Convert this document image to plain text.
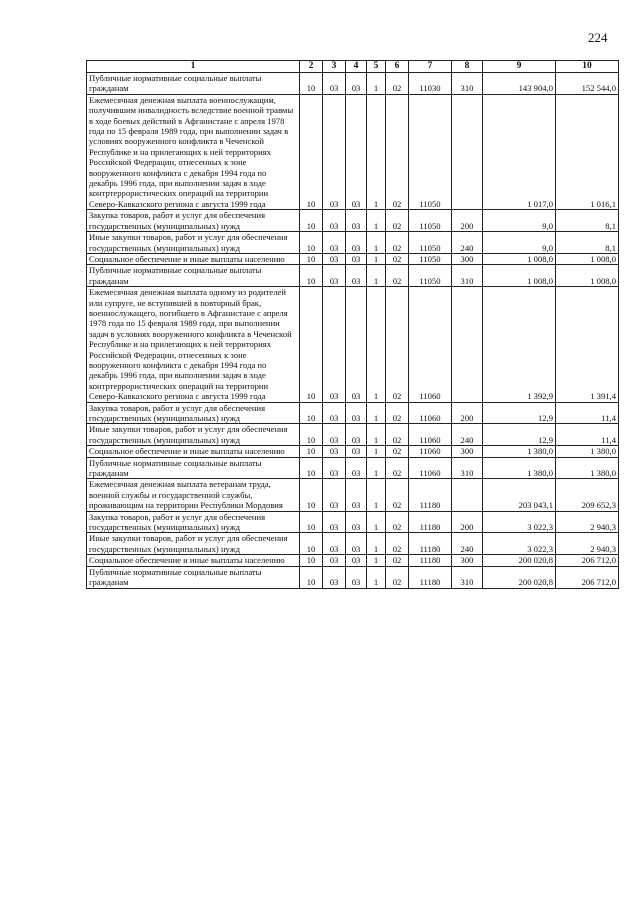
224
1	2	3	4	5	6	7	8	9	10
Публичные нормативные социальные выплаты гражданам	10	03	03	1	02	11030	310	143 904,0	152 544,0
Ежемесячная денежная выплата военнослужащим, получившим инвалидность вследствие военной травмы в ходе боевых действий в Афганистане с апреля 1978 года по 15 февраля 1989 года, при выполнении задач в условиях вооруженного конфликта в Чеченской Республике и на прилегающих к ней территориях Российской Федерации, отнесенных к зоне вооруженного конфликта с декабря 1994 года по декабрь 1996 года, при выполнении задач в ходе контртеррористических операций на территории Северо-Кавказского региона с августа 1999 года	10	03	03	1	02	11050		1 017,0	1 016,1
Закупка товаров, работ и услуг для обеспечения государственных (муниципальных) нужд	10	03	03	1	02	11050	200	9,0	8,1
Иные закупки товаров, работ и услуг для обеспечения государственных (муниципальных) нужд	10	03	03	1	02	11050	240	9,0	8,1
Социальное обеспечение и иные выплаты населению	10	03	03	1	02	11050	300	1 008,0	1 008,0
Публичные нормативные социальные выплаты гражданам	10	03	03	1	02	11050	310	1 008,0	1 008,0
Ежемесячная денежная выплата одному из родителей или супруге, не вступившей в повторный брак, военнослужащего, погибшего в Афганистане с апреля 1978 года по 15 февраля 1989 года, при выполнении задач в условиях вооруженного конфликта в Чеченской Республике и на прилегающих к ней территориях Российской Федерации, отнесенных к зоне вооруженного конфликта с декабря 1994 года по декабрь 1996 года, при выполнении задач в ходе контртеррористических операций на территории Северо-Кавказского региона с августа 1999 года	10	03	03	1	02	11060		1 392,9	1 391,4
Закупка товаров, работ и услуг для обеспечения государственных (муниципальных) нужд	10	03	03	1	02	11060	200	12,9	11,4
Иные закупки товаров, работ и услуг для обеспечения государственных (муниципальных) нужд	10	03	03	1	02	11060	240	12,9	11,4
Социальное обеспечение и иные выплаты населению	10	03	03	1	02	11060	300	1 380,0	1 380,0
Публичные нормативные социальные выплаты гражданам	10	03	03	1	02	11060	310	1 380,0	1 380,0
Ежемесячная денежная выплата ветеранам труда, военной службы и государственной службы, проживающим на территории Республики Мордовия	10	03	03	1	02	11180		203 043,1	209 652,3
Закупка товаров, работ и услуг для обеспечения государственных (муниципальных) нужд	10	03	03	1	02	11180	200	3 022,3	2 940,3
Иные закупки товаров, работ и услуг для обеспечения государственных (муниципальных) нужд	10	03	03	1	02	11180	240	3 022,3	2 940,3
Социальное обеспечение и иные выплаты населению	10	03	03	1	02	11180	300	200 020,8	206 712,0
Публичные нормативные социальные выплаты гражданам	10	03	03	1	02	11180	310	200 020,8	206 712,0
